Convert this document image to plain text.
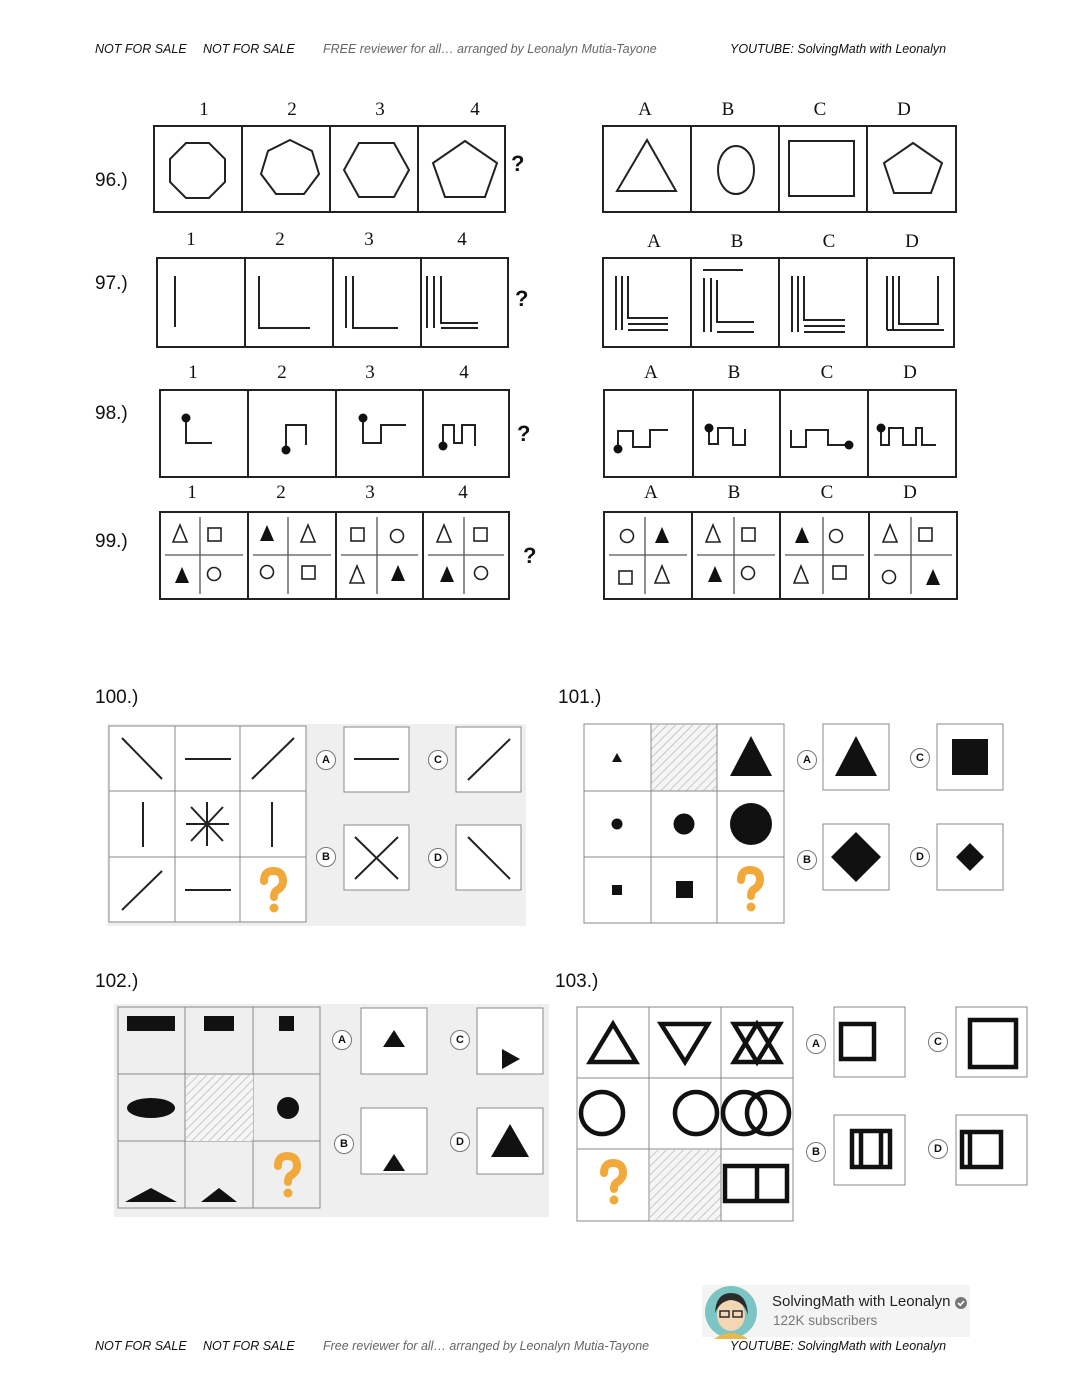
NOT FOR SALE NOT FOR SALE FREE reviewer for all… arranged by Leonalyn Mutia-Tayone	YOUTUBE: SolvingMath with Leonalyn
96.)
97.)
98.)
99.)
100.)	101.)
102.)	103.)
1	2	3	4	A	B	C	D
1	2	3	4	A	B	C	D
1	2	3	4	A	B	C	D
1	2	3	4	A	B	C	D
?
?
?
?
A	C
B	D
A	C
B	D
A	C
B	D
A	C
B	D
SolvingMath with Leonalyn
122K subscribers
NOT FOR SALE NOT FOR SALE Free reviewer for all… arranged by Leonalyn Mutia-Tayone	YOUTUBE: SolvingMath with Leonalyn
